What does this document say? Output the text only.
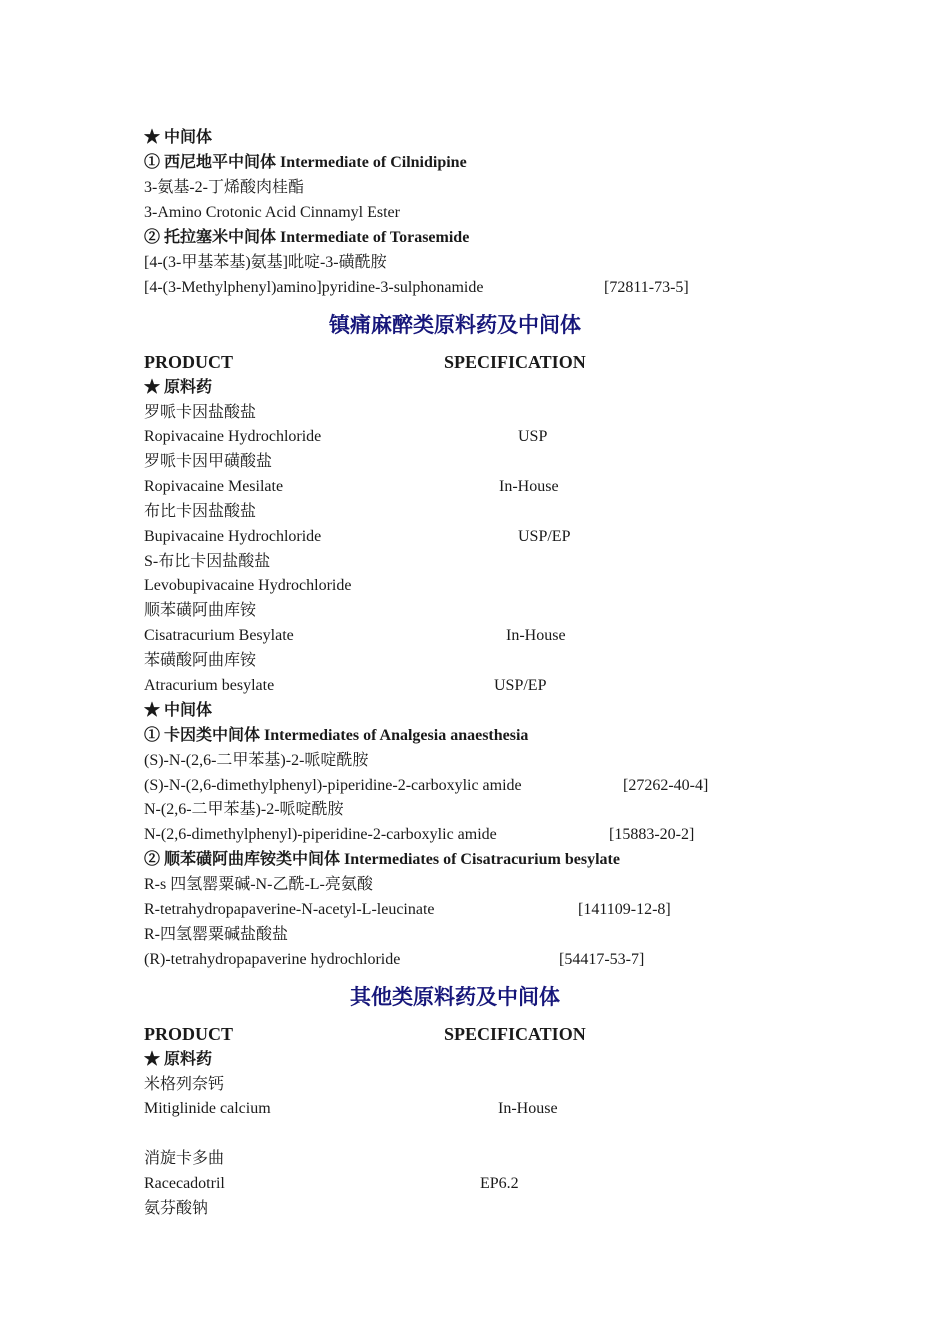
★ 中间体
① 西尼地平中间体 Intermediate of Cilnidipine
3-氨基-2-丁烯酸肉桂酯
3-Amino Crotonic Acid Cinnamyl Ester
② 托拉塞米中间体 Intermediate of Torasemide
[4-(3-甲基苯基)氨基]吡啶-3-磺酰胺
[4-(3-Methylphenyl)amino]pyridine-3-sulphonamide	[72811-73-5]
镇痛麻醉类原料药及中间体
PRODUCT	SPECIFICATION
★ 原料药
罗哌卡因盐酸盐
Ropivacaine Hydrochloride	USP
罗哌卡因甲磺酸盐
Ropivacaine Mesilate	In-House
布比卡因盐酸盐
Bupivacaine Hydrochloride	USP/EP
S-布比卡因盐酸盐
Levobupivacaine Hydrochloride
顺苯磺阿曲库铵
Cisatracurium Besylate	In-House
苯磺酸阿曲库铵
Atracurium besylate	USP/EP
★ 中间体
① 卡因类中间体 Intermediates of Analgesia anaesthesia
(S)-N-(2,6-二甲苯基)-2-哌啶酰胺
(S)-N-(2,6-dimethylphenyl)-piperidine-2-carboxylic amide	[27262-40-4]
N-(2,6-二甲苯基)-2-哌啶酰胺
N-(2,6-dimethylphenyl)-piperidine-2-carboxylic amide	[15883-20-2]
② 顺苯磺阿曲库铵类中间体 Intermediates of Cisatracurium besylate
R-s 四氢罂粟碱-N-乙酰-L-亮氨酸
R-tetrahydropapaverine-N-acetyl-L-leucinate	[141109-12-8]
R-四氢罂粟碱盐酸盐
(R)-tetrahydropapaverine hydrochloride	[54417-53-7]
其他类原料药及中间体
PRODUCT	SPECIFICATION
★ 原料药
米格列奈钙
Mitiglinide calcium	In-House
消旋卡多曲
Racecadotril	EP6.2
氨芬酸钠
